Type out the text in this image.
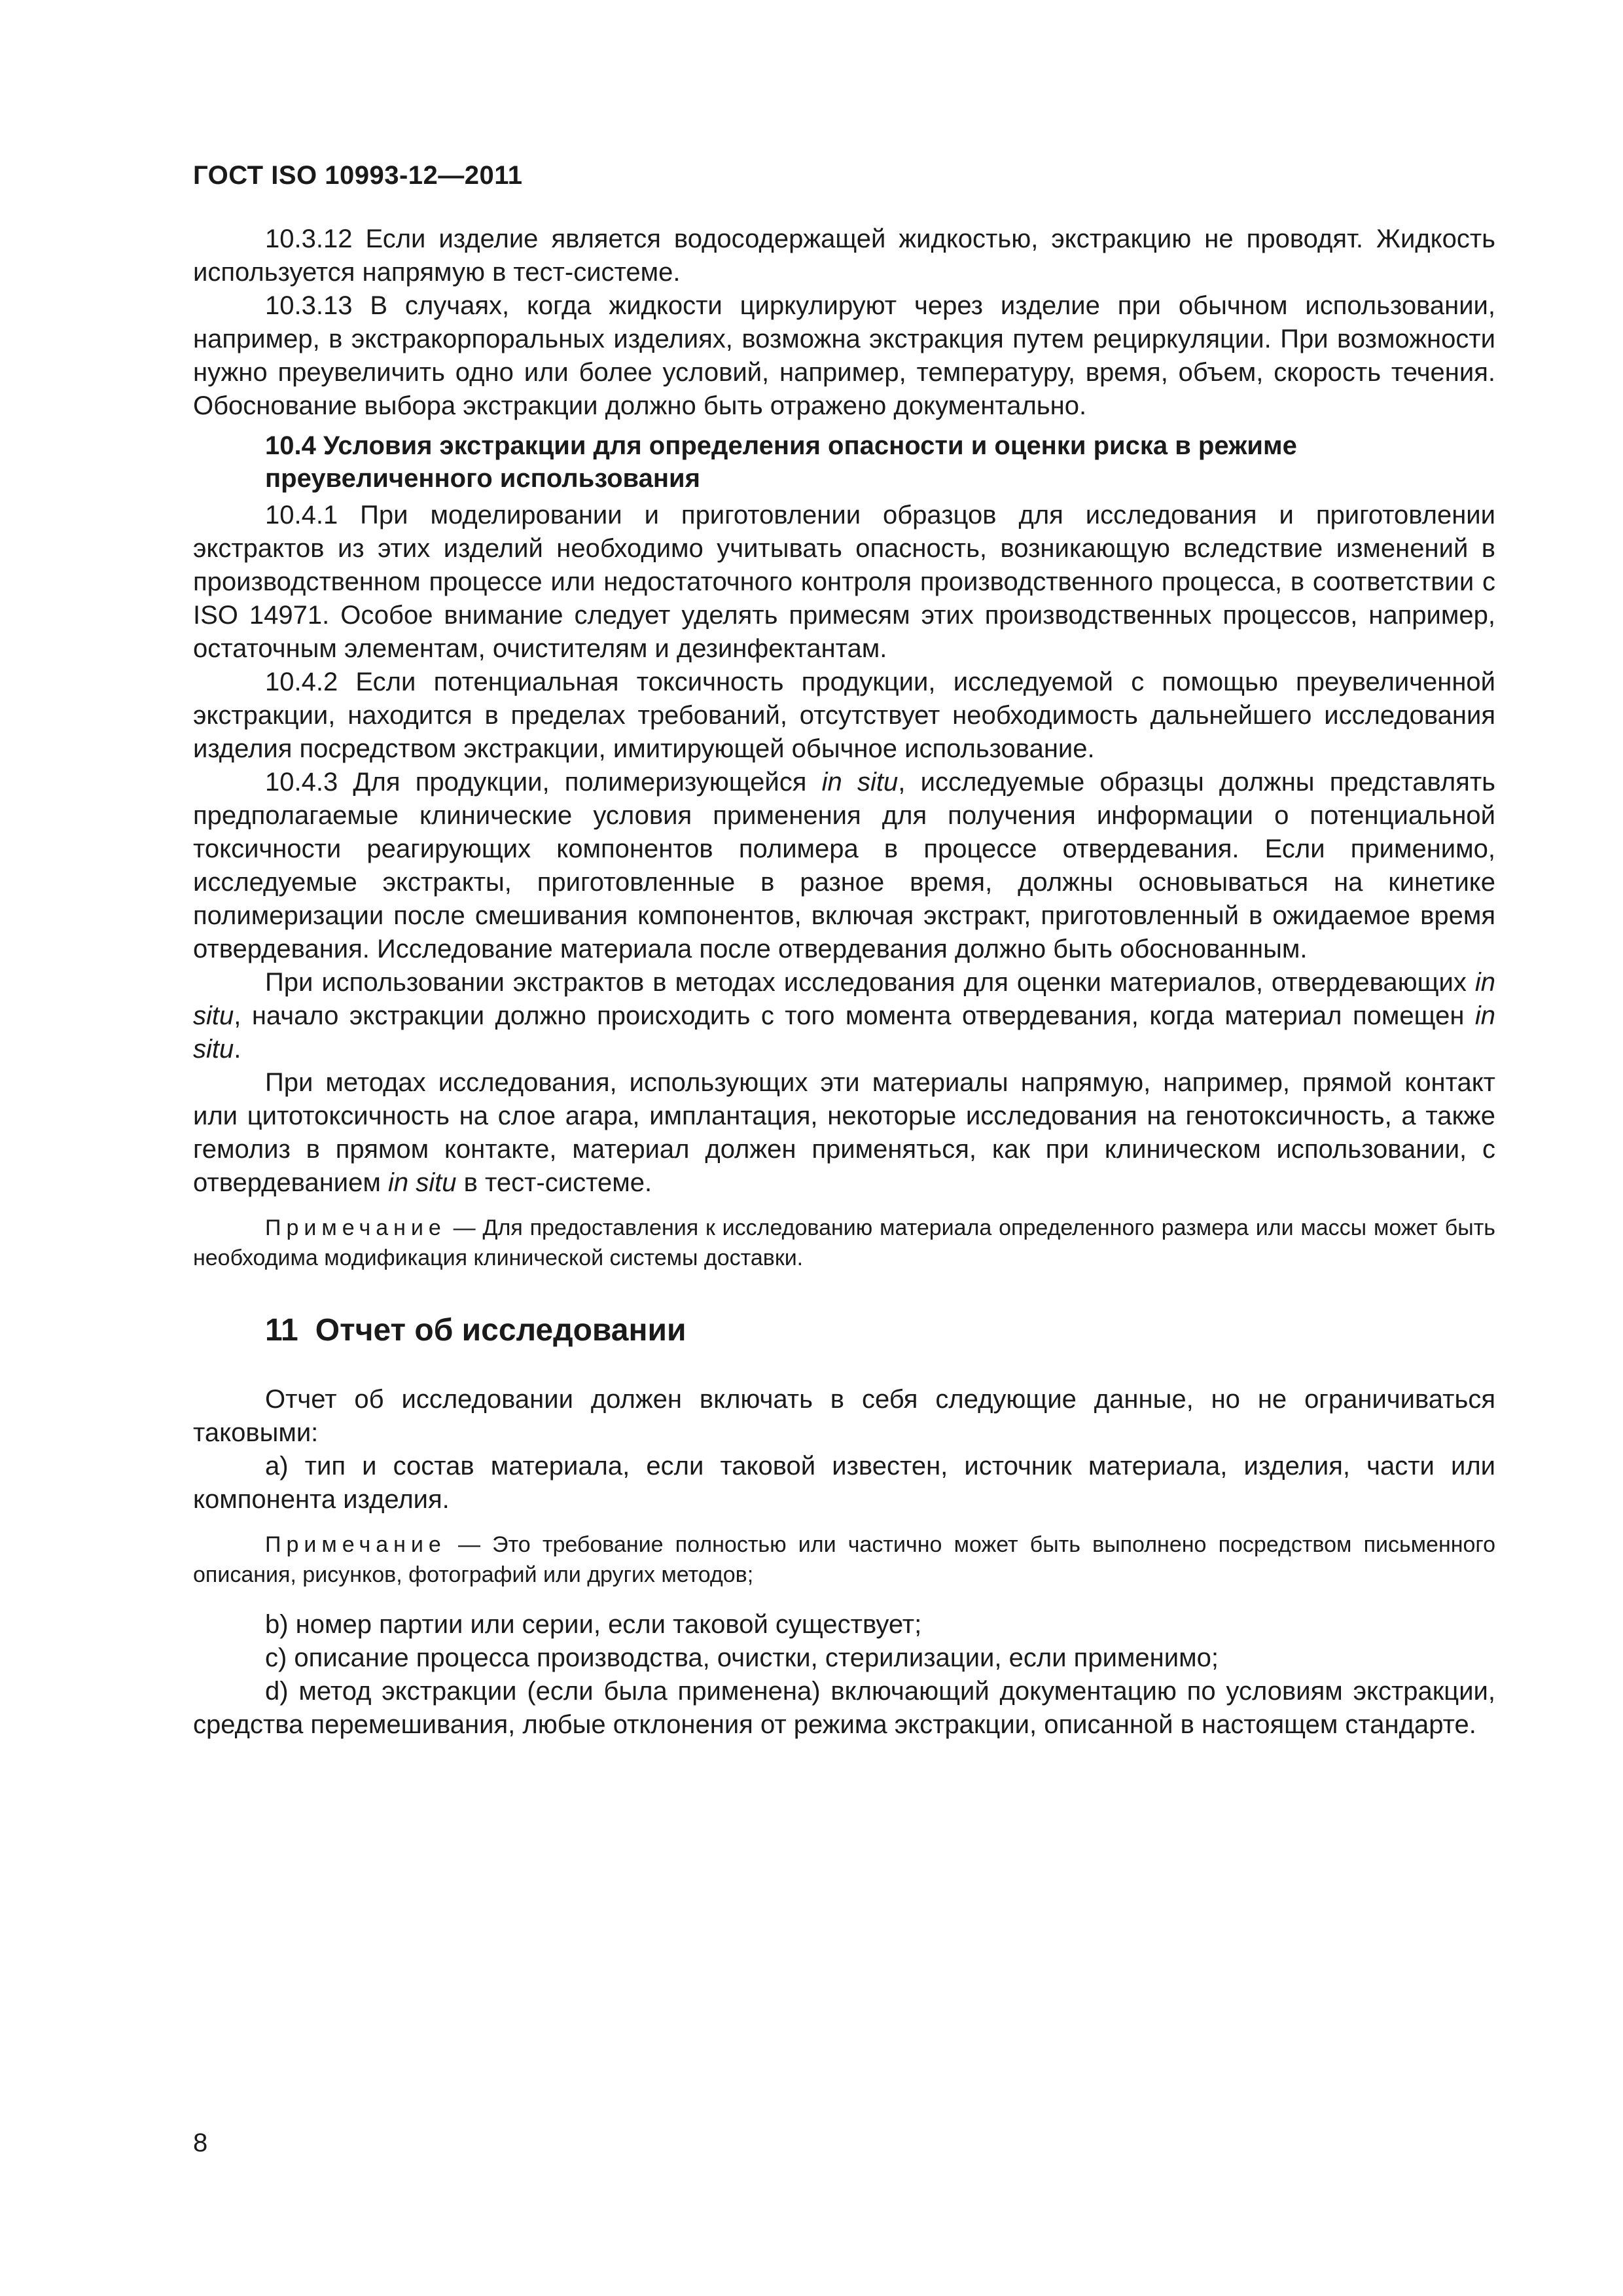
ГОСТ ISO 10993-12—2011

10.3.12 Если изделие является водосодержащей жидкостью, экстракцию не проводят. Жидкость используется напрямую в тест-системе.

10.3.13 В случаях, когда жидкости циркулируют через изделие при обычном использовании, например, в экстракорпоральных изделиях, возможна экстракция путем рециркуляции. При возможности нужно преувеличить одно или более условий, например, температуру, время, объем, скорость течения. Обоснование выбора экстракции должно быть отражено документально.

10.4 Условия экстракции для определения опасности и оценки риска в режиме преувеличенного использования

10.4.1 При моделировании и приготовлении образцов для исследования и приготовлении экстрактов из этих изделий необходимо учитывать опасность, возникающую вследствие изменений в производственном процессе или недостаточного контроля производственного процесса, в соответствии с ISO 14971. Особое внимание следует уделять примесям этих производственных процессов, например, остаточным элементам, очистителям и дезинфектантам.

10.4.2 Если потенциальная токсичность продукции, исследуемой с помощью преувеличенной экстракции, находится в пределах требований, отсутствует необходимость дальнейшего исследования изделия посредством экстракции, имитирующей обычное использование.

10.4.3 Для продукции, полимеризующейся in situ, исследуемые образцы должны представлять предполагаемые клинические условия применения для получения информации о потенциальной токсичности реагирующих компонентов полимера в процессе отвердевания. Если применимо, исследуемые экстракты, приготовленные в разное время, должны основываться на кинетике полимеризации после смешивания компонентов, включая экстракт, приготовленный в ожидаемое время отвердевания. Исследование материала после отвердевания должно быть обоснованным.

При использовании экстрактов в методах исследования для оценки материалов, отвердевающих in situ, начало экстракции должно происходить с того момента отвердевания, когда материал помещен in situ.

При методах исследования, использующих эти материалы напрямую, например, прямой контакт или цитотоксичность на слое агара, имплантация, некоторые исследования на генотоксичность, а также гемолиз в прямом контакте, материал должен применяться, как при клиническом использовании, с отвердеванием in situ в тест-системе.

Примечание — Для предоставления к исследованию материала определенного размера или массы может быть необходима модификация клинической системы доставки.

11 Отчет об исследовании

Отчет об исследовании должен включать в себя следующие данные, но не ограничиваться таковыми:

а) тип и состав материала, если таковой известен, источник материала, изделия, части или компонента изделия.

Примечание — Это требование полностью или частично может быть выполнено посредством письменного описания, рисунков, фотографий или других методов;

b) номер партии или серии, если таковой существует;

c) описание процесса производства, очистки, стерилизации, если применимо;

d) метод экстракции (если была применена) включающий документацию по условиям экстракции, средства перемешивания, любые отклонения от режима экстракции, описанной в настоящем стандарте.

8
